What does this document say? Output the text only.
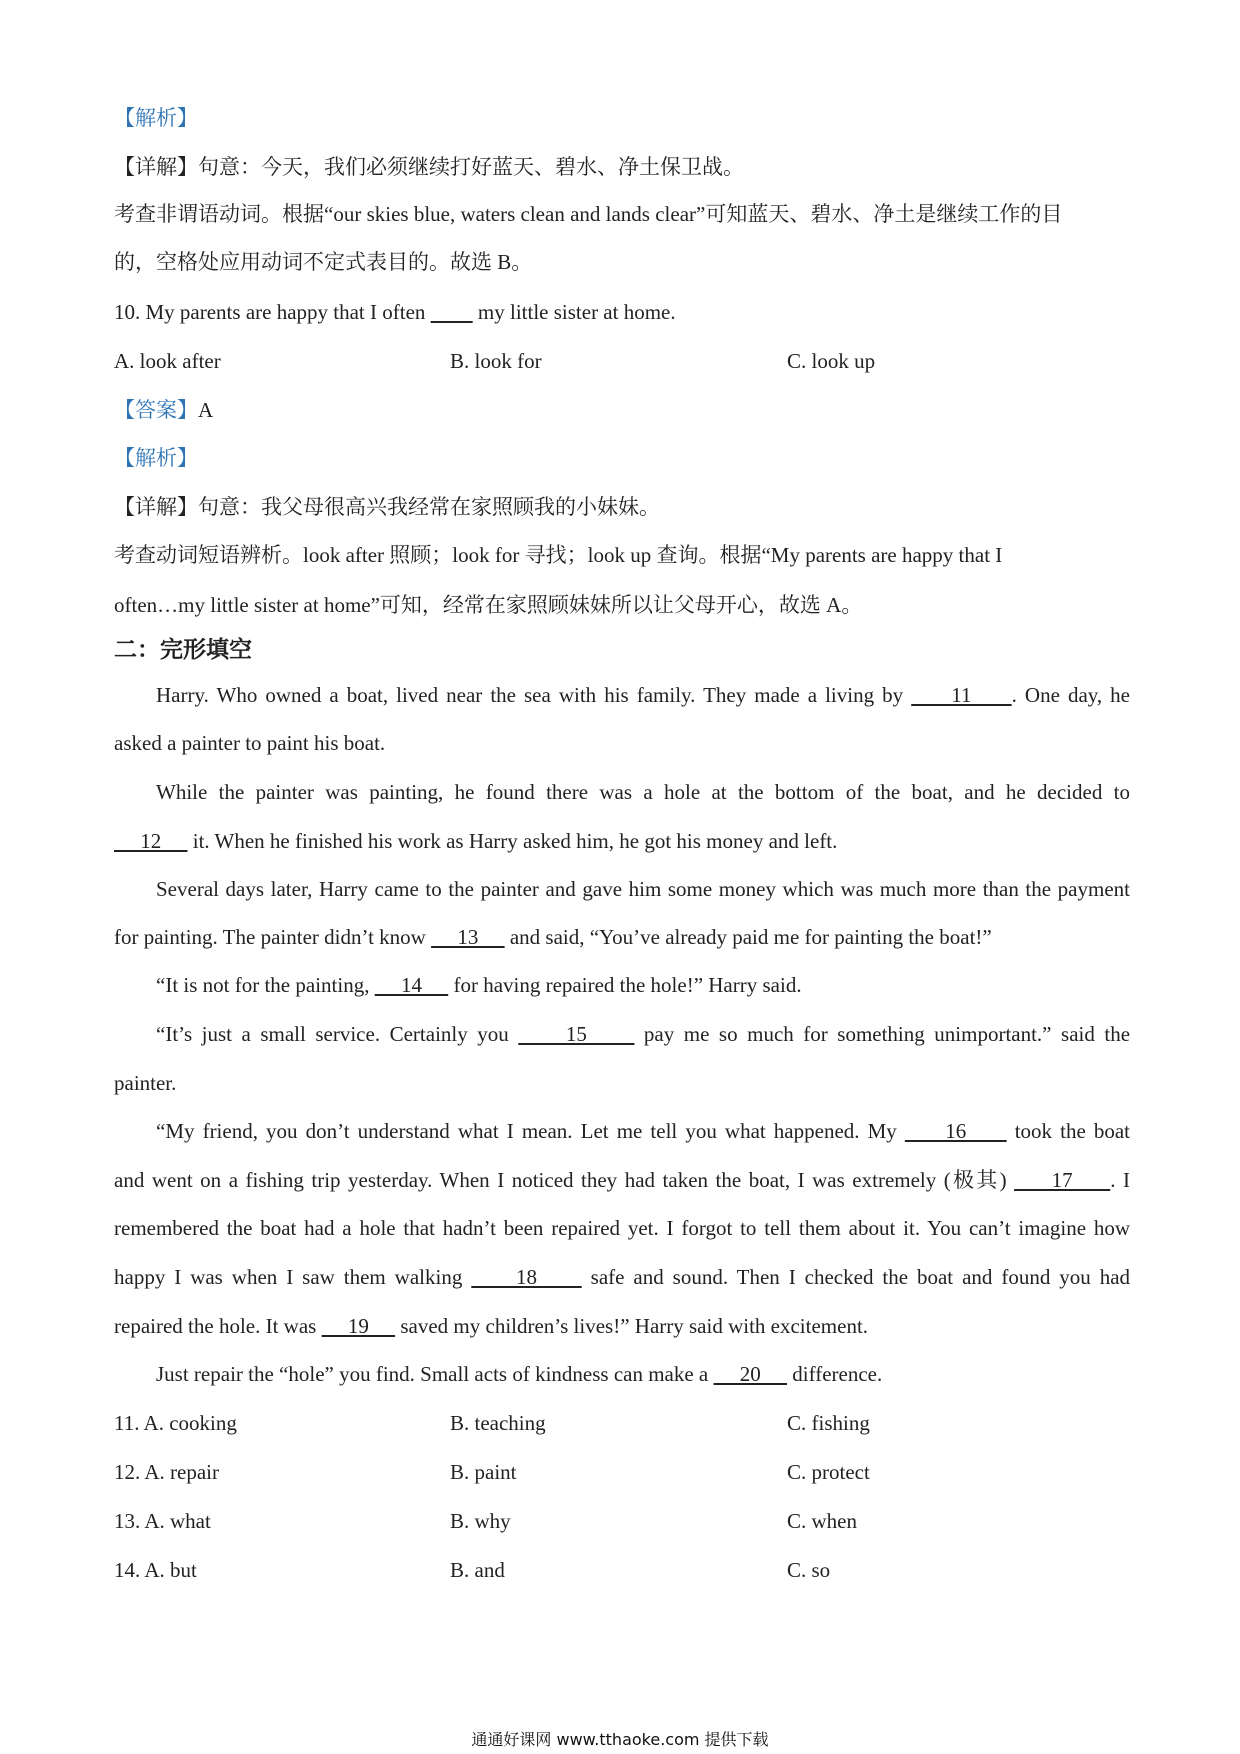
【解析】
【详解】句意：今天，我们必须继续打好蓝天、碧水、净土保卫战。
考查非谓语动词。根据“our skies blue, waters clean and lands clear”可知蓝天、碧水、净土是继续工作的目
的，空格处应用动词不定式表目的。故选 B。
10. My parents are happy that I often          my little sister at home.
A. look after	B. look for	C. look up
【答案】A
【解析】
【详解】句意：我父母很高兴我经常在家照顾我的小妹妹。
考查动词短语辨析。look after 照顾；look for 寻找；look up 查询。根据“My parents are happy that I
often…my little sister at home”可知，经常在家照顾妹妹所以让父母开心，故选 A。
二：完形填空
Harry. Who owned a boat, lived near the sea with his family. They made a living by      11     . One day, he
asked a painter to paint his boat.
While the painter was painting, he found there was a hole at the bottom of the boat, and he decided to
12      it. When he finished his work as Harry asked him, he got his money and left.
Several days later, Harry came to the painter and gave him some money which was much more than the payment
for painting. The painter didn’t know      13      and said, “You’ve already paid me for painting the boat!”
“It is not for the painting,      14      for having repaired the hole!” Harry said.
“It’s just a small service. Certainly you      15      pay me so much for something unimportant.” said the
painter.
“My friend, you don’t understand what I mean. Let me tell you what happened. My      16      took the boat
and went on a fishing trip yesterday. When I noticed they had taken the boat, I was extremely (极其)      17     . I
remembered the boat had a hole that hadn’t been repaired yet. I forgot to tell them about it. You can’t imagine how
happy I was when I saw them walking      18      safe and sound. Then I checked the boat and found you had
repaired the hole. It was      19      saved my children’s lives!” Harry said with excitement.
Just repair the “hole” you find. Small acts of kindness can make a      20      difference.
11. A. cooking	B. teaching	C. fishing
12. A. repair	B. paint	C. protect
13. A. what	B. why	C. when
14. A. but	B. and	C. so
通通好课网 www.tthaoke.com 提供下载
